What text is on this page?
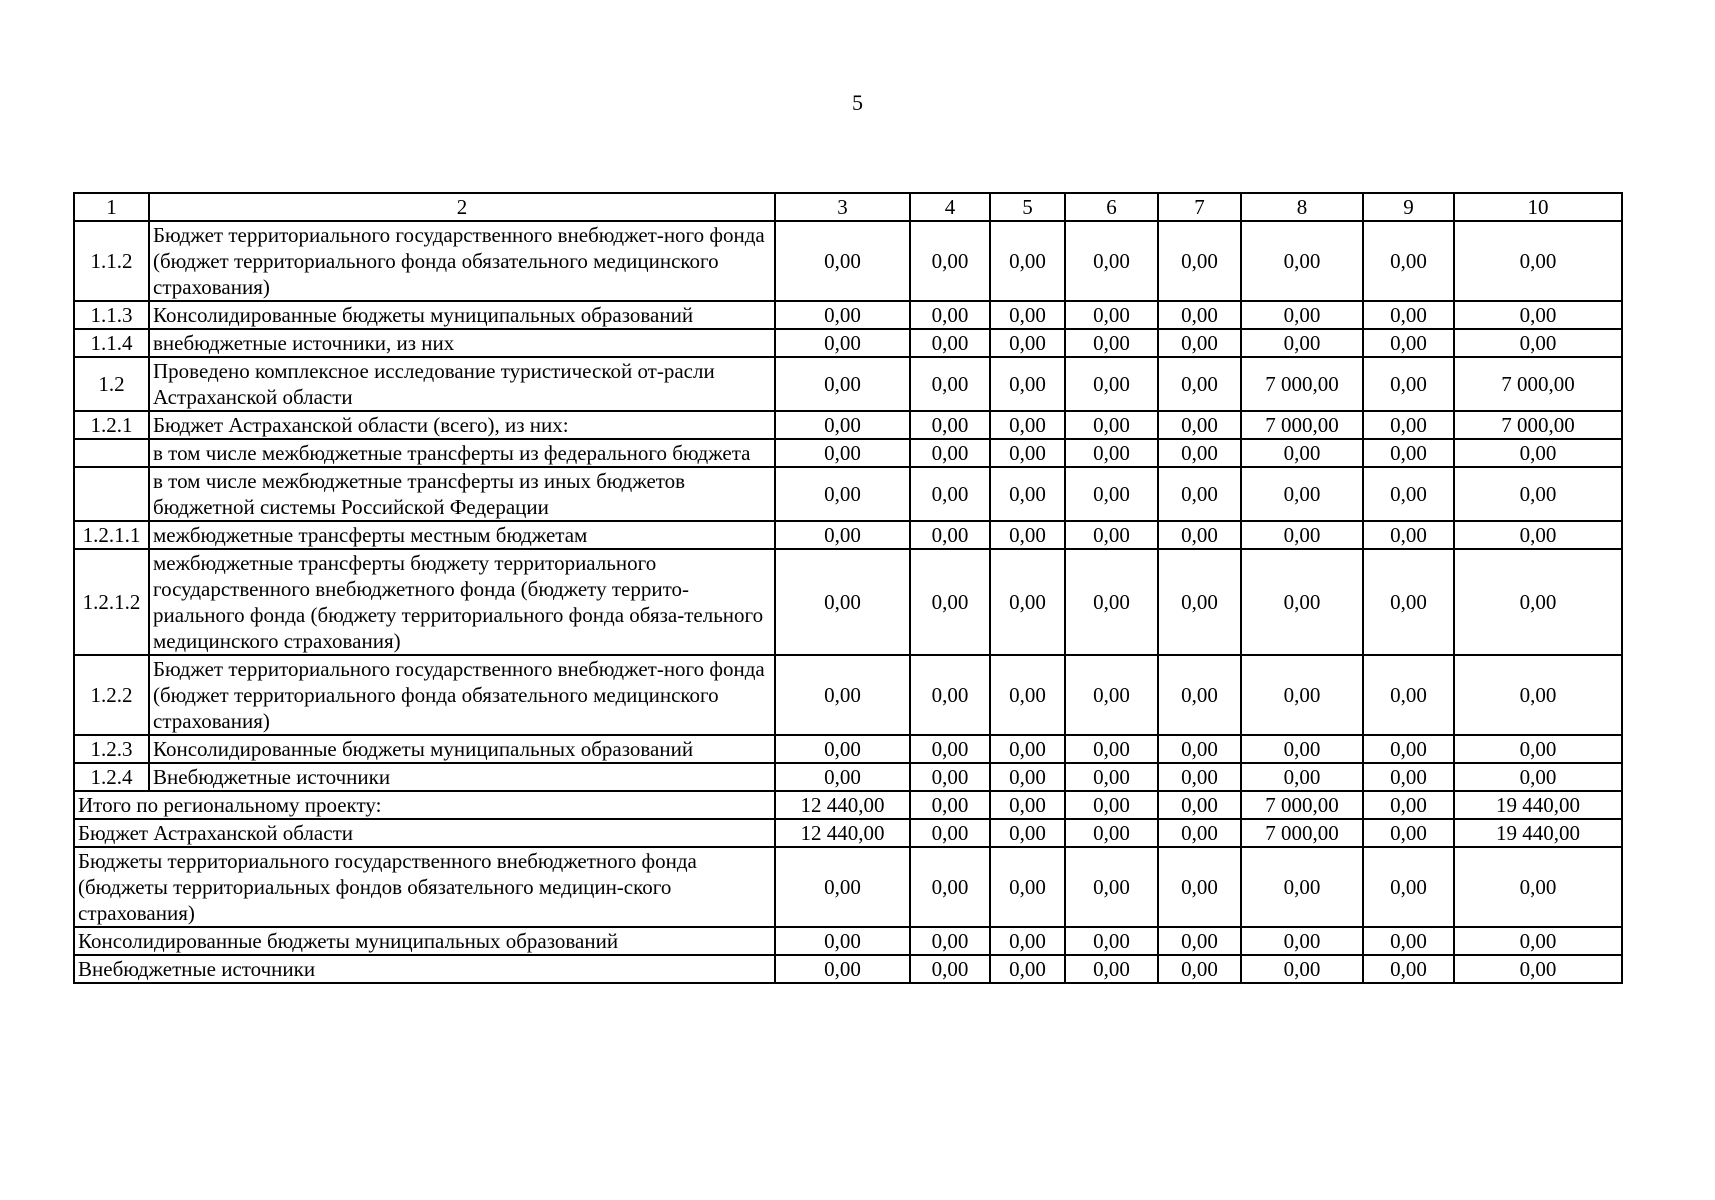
5
1	2	3	4	5	6	7	8	9	10
1.1.2	Бюджет территориального государственного внебюджет-ного фонда (бюджет территориального фонда обязательного медицинского страхования)	0,00	0,00	0,00	0,00	0,00	0,00	0,00	0,00
1.1.3	Консолидированные бюджеты муниципальных образований	0,00	0,00	0,00	0,00	0,00	0,00	0,00	0,00
1.1.4	внебюджетные источники, из них	0,00	0,00	0,00	0,00	0,00	0,00	0,00	0,00
1.2	Проведено комплексное исследование туристической от-расли Астраханской области	0,00	0,00	0,00	0,00	0,00	7 000,00	0,00	7 000,00
1.2.1	Бюджет Астраханской области (всего), из них:	0,00	0,00	0,00	0,00	0,00	7 000,00	0,00	7 000,00
	в том числе межбюджетные трансферты из федерального бюджета	0,00	0,00	0,00	0,00	0,00	0,00	0,00	0,00
	в том числе межбюджетные трансферты из иных бюджетов бюджетной системы Российской Федерации	0,00	0,00	0,00	0,00	0,00	0,00	0,00	0,00
1.2.1.1	межбюджетные трансферты местным бюджетам	0,00	0,00	0,00	0,00	0,00	0,00	0,00	0,00
1.2.1.2	межбюджетные трансферты бюджету территориального государственного внебюджетного фонда (бюджету террито-риального фонда (бюджету территориального фонда обяза-тельного медицинского страхования)	0,00	0,00	0,00	0,00	0,00	0,00	0,00	0,00
1.2.2	Бюджет территориального государственного внебюджет-ного фонда (бюджет территориального фонда обязательного медицинского страхования)	0,00	0,00	0,00	0,00	0,00	0,00	0,00	0,00
1.2.3	Консолидированные бюджеты муниципальных образований	0,00	0,00	0,00	0,00	0,00	0,00	0,00	0,00
1.2.4	Внебюджетные источники	0,00	0,00	0,00	0,00	0,00	0,00	0,00	0,00
Итого по региональному проекту:		12 440,00	0,00	0,00	0,00	0,00	7 000,00	0,00	19 440,00
Бюджет Астраханской области		12 440,00	0,00	0,00	0,00	0,00	7 000,00	0,00	19 440,00
Бюджеты территориального государственного внебюджетного фонда (бюджеты территориальных фондов обязательного медицин-ского страхования)		0,00	0,00	0,00	0,00	0,00	0,00	0,00	0,00
Консолидированные бюджеты муниципальных образований		0,00	0,00	0,00	0,00	0,00	0,00	0,00	0,00
Внебюджетные источники		0,00	0,00	0,00	0,00	0,00	0,00	0,00	0,00
